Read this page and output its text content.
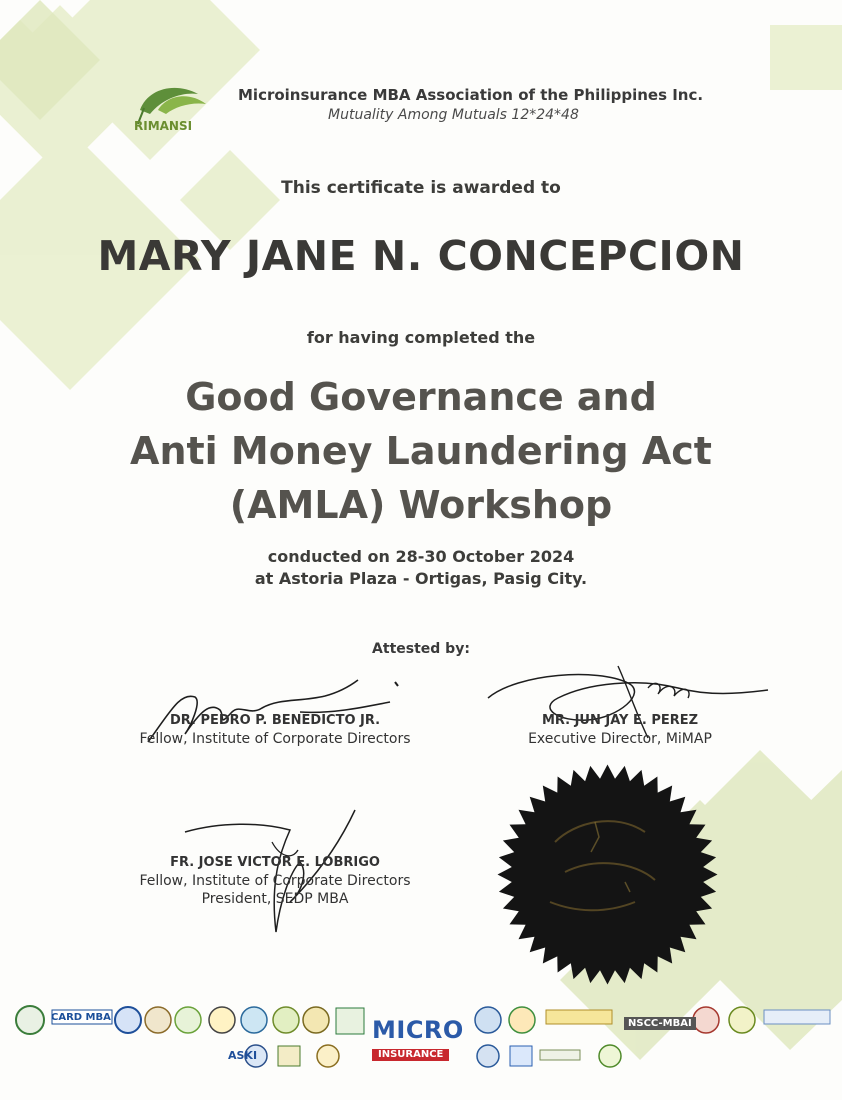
RIMANSI
Microinsurance MBA Association of the Philippines Inc.
Mutuality Among Mutuals 12*24*48
This certificate is awarded to
MARY JANE N. CONCEPCION
for having completed the
Good Governance and
Anti Money Laundering Act
(AMLA) Workshop
conducted on 28-30 October 2024
at Astoria Plaza - Ortigas, Pasig City.
Attested by:
DR. PEDRO P. BENEDICTO JR.
Fellow, Institute of Corporate Directors
MR. JUN JAY E. PEREZ
Executive Director, MiMAP
FR. JOSE VICTOR E. LOBRIGO
Fellow, Institute of Corporate Directors
President, SEDP MBA
CARD MBA
ASKI
NSCC-MBAI
MICRO
INSURANCE
